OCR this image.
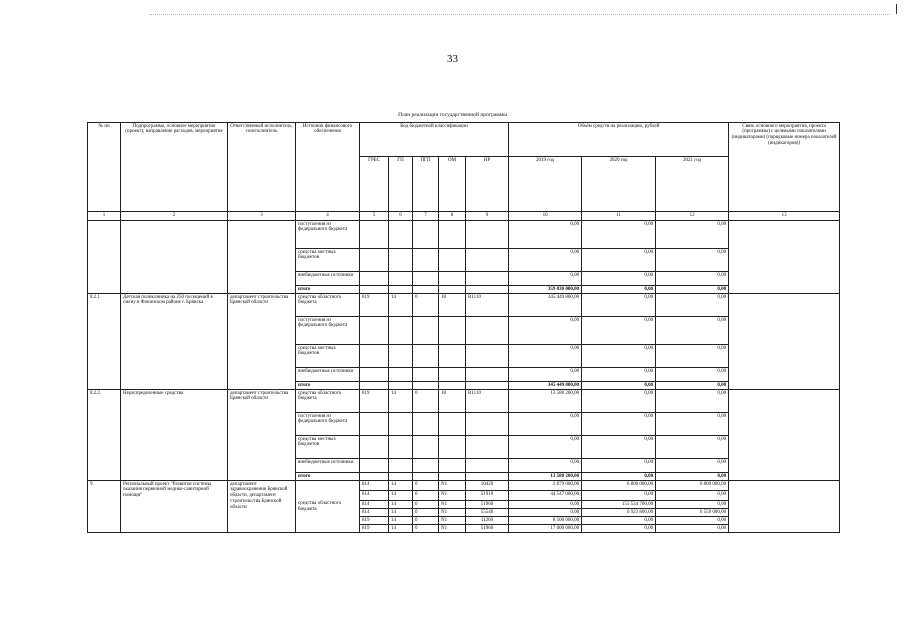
33
План реализации государственной программы
№ пп	Подпрограмма, основное мероприятие (проект), направление расходов, мероприятие	Ответственный исполнитель, соисполнитель	Источник финансового обеспечения	Код бюджетной классификации					Объём средств на реализацию, рублей			Связь основного мероприятия, проекта (программы) с целевыми показателями (индикаторами) (порядковые номера показателей (индикаторов))
				ГРБС	ГП	ПГП	ОМ	НР	2019 год	2020 год	2021 год	
1	2	3	4	5	6	7	8	9	10	11	12	13
			поступления из федерального бюджета						0,00	0,00	0,00	
			средства местных бюджетов						0,00	0,00	0,00	
			внебюджетные источники						0,00	0,00	0,00	
			итого						359 030 000,00	0,00	0,00	
8.2.1	Детская поликлиника на 250 посещений в смену в Фокинском районе г. Брянска	департамент строительства Брянской области	средства областного бюджета	819	14	0	18	R1110	345 449 800,00	0,00	0,00	
			поступления из федерального бюджета						0,00	0,00	0,00	
			средства местных бюджетов						0,00	0,00	0,00	
			внебюджетные источники						0,00	0,00	0,00	
			итого						345 449 800,00	0,00	0,00	
8.2.2.	Нераспределенные средства	департамент строительства Брянской области	средства областного бюджета	819	14	0	18	R1110	13 580 200,00	0,00	0,00	
			поступления из федерального бюджета						0,00	0,00	0,00	
			средства местных бюджетов						0,00	0,00	0,00	
			внебюджетные источники						0,00	0,00	0,00	
			итого						13 580 200,00	0,00	0,00	
9.	Региональный проект "Развитие системы оказания первичной медико-санитарной помощи"	департамент здравоохранения Брянской области, департамент строительства Брянской области	средства областного бюджета	814	14	0	N1	10420	2 879 000,00	6 800 000,00	6 800 000,00	
				814	14	0	N1	51910	44 547 000,00	0,00	0,00	
				814	14	0	N1	51960	0,00	155 534 700,00	0,00	
				814	14	0	N1	55540	0,00	6 923 800,00	6 559 000,00	
				819	14	0	N1	11260	8 500 000,00	0,00	0,00	
				819	14	0	N1	51960	17 000 000,00	0,00	0,00	
